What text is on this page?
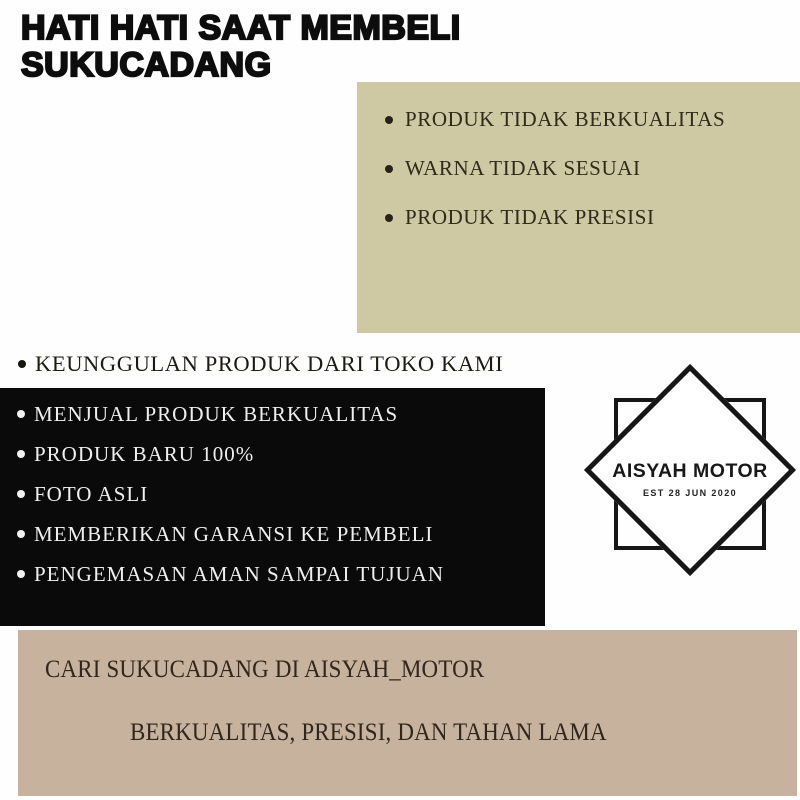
HATI HATI SAAT MEMBELI
SUKUCADANG
PRODUK TIDAK BERKUALITAS
WARNA TIDAK SESUAI
PRODUK TIDAK PRESISI
KEUNGGULAN PRODUK DARI TOKO KAMI
MENJUAL PRODUK BERKUALITAS
PRODUK BARU 100%
FOTO ASLI
MEMBERIKAN GARANSI KE PEMBELI
PENGEMASAN AMAN SAMPAI TUJUAN
AISYAH MOTOR
EST 28 JUN 2020
CARI SUKUCADANG DI AISYAH_MOTOR
BERKUALITAS, PRESISI, DAN TAHAN LAMA
